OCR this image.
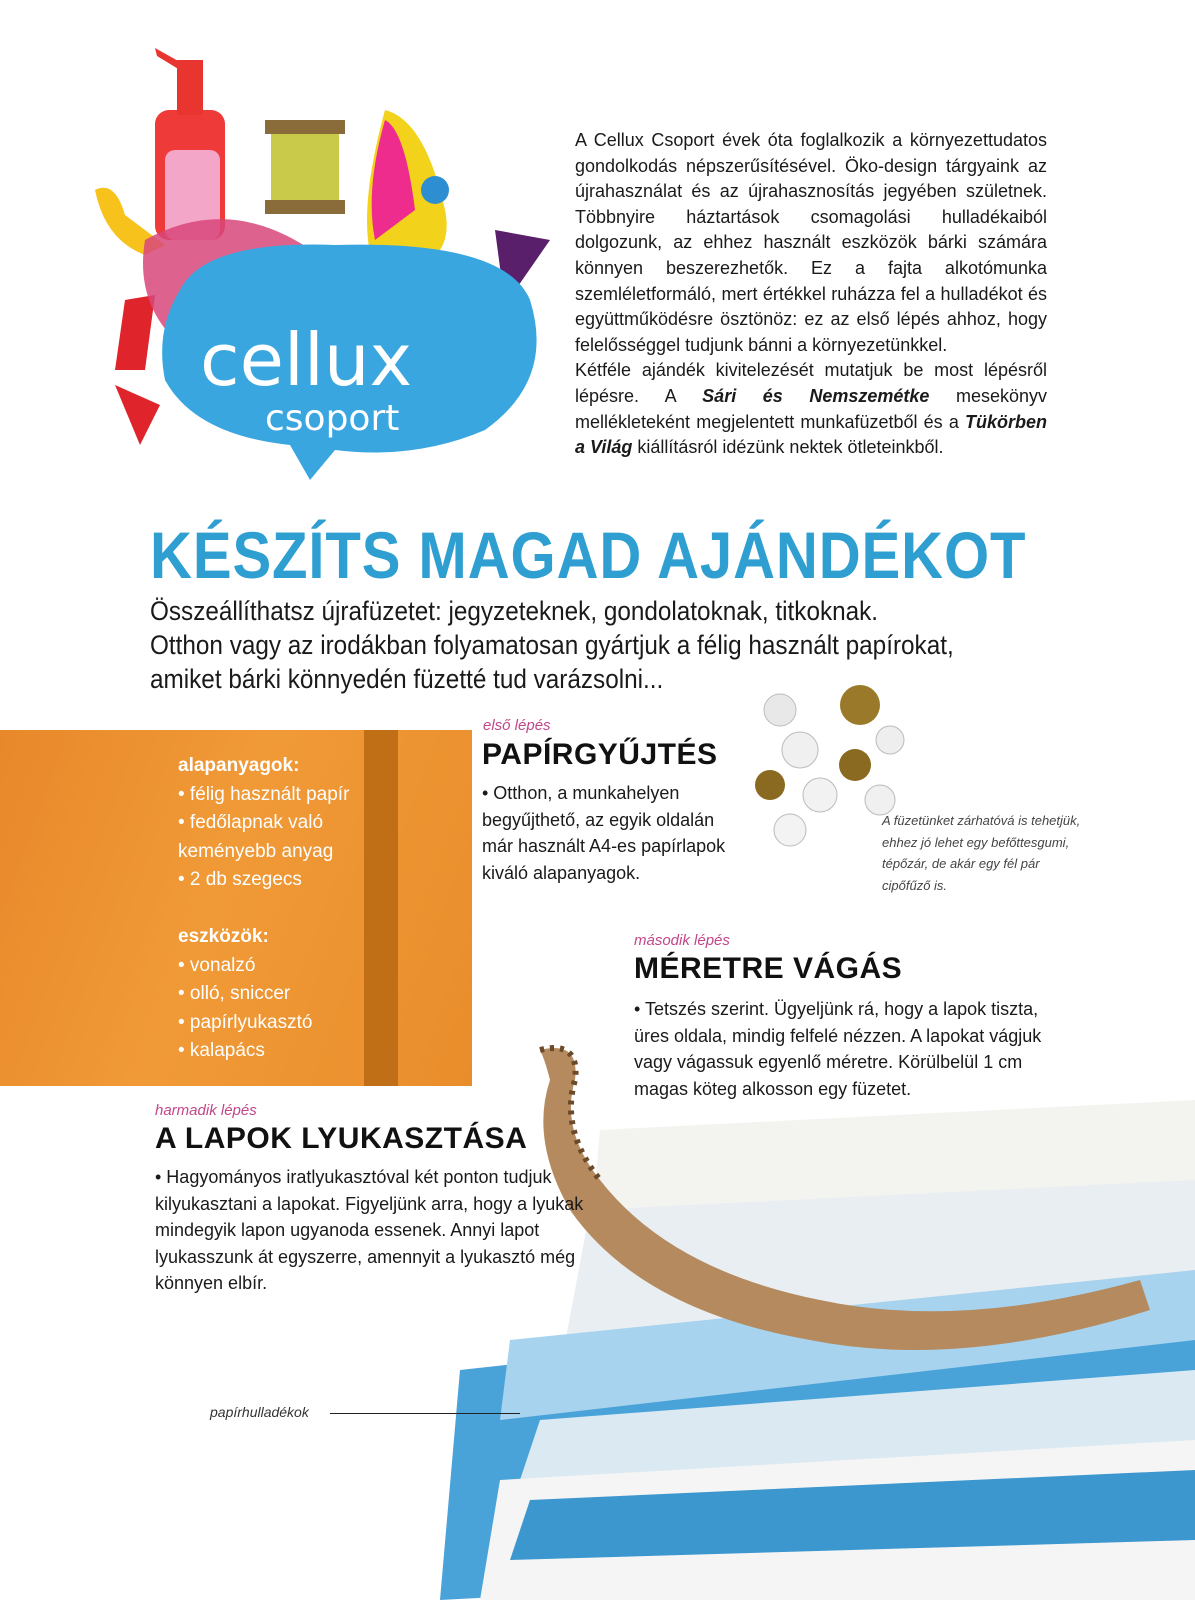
cellux
csoport

A Cellux Csoport évek óta foglalkozik a környezettudatos gondolkodás népszerűsítésével. Öko-design tárgyaink az újrahasználat és az újrahasznosítás jegyében születnek. Többnyire háztartások csomagolási hulladékaiból dolgozunk, az ehhez használt eszközök bárki számára könnyen beszerezhetők. Ez a fajta alkotómunka szemléletformáló, mert értékkel ruházza fel a hulladékot és együttműködésre ösztönöz: ez az első lépés ahhoz, hogy felelősséggel tudjunk bánni a környezetünkkel.

Kétféle ajándék kivitelezését mutatjuk be most lépésről lépésre. A Sári és Nemszemétke mesekönyv mellékleteként megjelentett munkafüzetből és a Tükörben a Világ kiállításról idézünk nektek ötleteinkből.

KÉSZÍTS MAGAD AJÁNDÉKOT
Összeállíthatsz újrafüzetet: jegyzeteknek, gondolatoknak, titkoknak.
Otthon vagy az irodákban folyamatosan gyártjuk a félig használt papírokat,
amiket bárki könnyedén füzetté tud varázsolni...
A füzetünket zárhatóvá is tehetjük, ehhez jó lehet egy befőttesgumi, tépőzár, de akár egy fél pár cipőfűző is.
alapanyagok:
• félig használt papír
• fedőlapnak való
keményebb anyag
• 2 db szegecs
eszközök:
• vonalzó
• olló, sniccer
• papírlyukasztó
• kalapács
első lépés
PAPÍRGYŰJTÉS
• Otthon, a munkahelyen begyűjthető, az egyik oldalán már használt A4-es papírlapok kiváló alapanyagok.
második lépés
MÉRETRE VÁGÁS
• Tetszés szerint. Ügyeljünk rá, hogy a lapok tiszta, üres oldala, mindig felfelé nézzen. A lapokat vágjuk vagy vágassuk egyenlő méretre. Körülbelül 1 cm magas köteg alkosson egy füzetet.
harmadik lépés
A LAPOK LYUKASZTÁSA
• Hagyományos iratlyukasztóval két ponton tudjuk kilyukasztani a lapokat. Figyeljünk arra, hogy a lyukak mindegyik lapon ugyanoda essenek. Annyi lapot lyukasszunk át egyszerre, amennyit a lyukasztó még könnyen elbír.
papírhulladékok
